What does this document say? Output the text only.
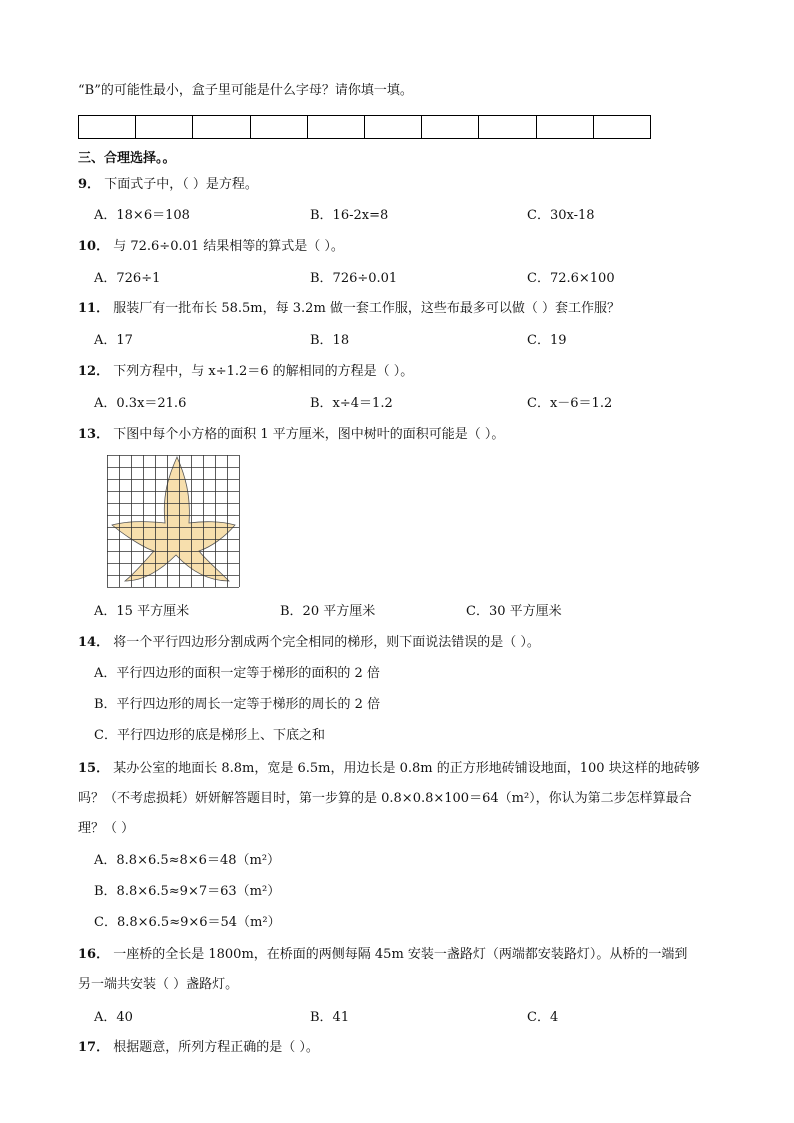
“B”的可能性最小，盒子里可能是什么字母？请你填一填。

三、合理选择。。
9． 下面式子中，（ ）是方程。
A．18×6＝108	B．16-2x=8	C．30x-18
10． 与 72.6÷0.01 结果相等的算式是（ ）。
A．726÷1	B．726÷0.01	C．72.6×100
11． 服装厂有一批布长 58.5m，每 3.2m 做一套工作服，这些布最多可以做（ ）套工作服？
A．17	B．18	C．19
12． 下列方程中，与 x÷1.2＝6 的解相同的方程是（ ）。
A．0.3x＝21.6	B．x÷4＝1.2	C．x－6＝1.2
13． 下图中每个小方格的面积 1 平方厘米，图中树叶的面积可能是（ ）。
A．15 平方厘米	B．20 平方厘米	C．30 平方厘米
14． 将一个平行四边形分割成两个完全相同的梯形，则下面说法错误的是（ ）。
A．平行四边形的面积一定等于梯形的面积的 2 倍
B．平行四边形的周长一定等于梯形的周长的 2 倍
C．平行四边形的底是梯形上、下底之和
15． 某办公室的地面长 8.8m，宽是 6.5m，用边长是 0.8m 的正方形地砖铺设地面，100 块这样的地砖够
吗？（不考虑损耗）妍妍解答题目时，第一步算的是 0.8×0.8×100＝64（m²），你认为第二步怎样算最合
理？（ ）
A．8.8×6.5≈8×6＝48（m²）
B．8.8×6.5≈9×7＝63（m²）
C．8.8×6.5≈9×6＝54（m²）
16． 一座桥的全长是 1800m，在桥面的两侧每隔 45m 安装一盏路灯（两端都安装路灯）。从桥的一端到
另一端共安装（ ）盏路灯。
A．40	B．41	C．4
17． 根据题意，所列方程正确的是（ ）。
